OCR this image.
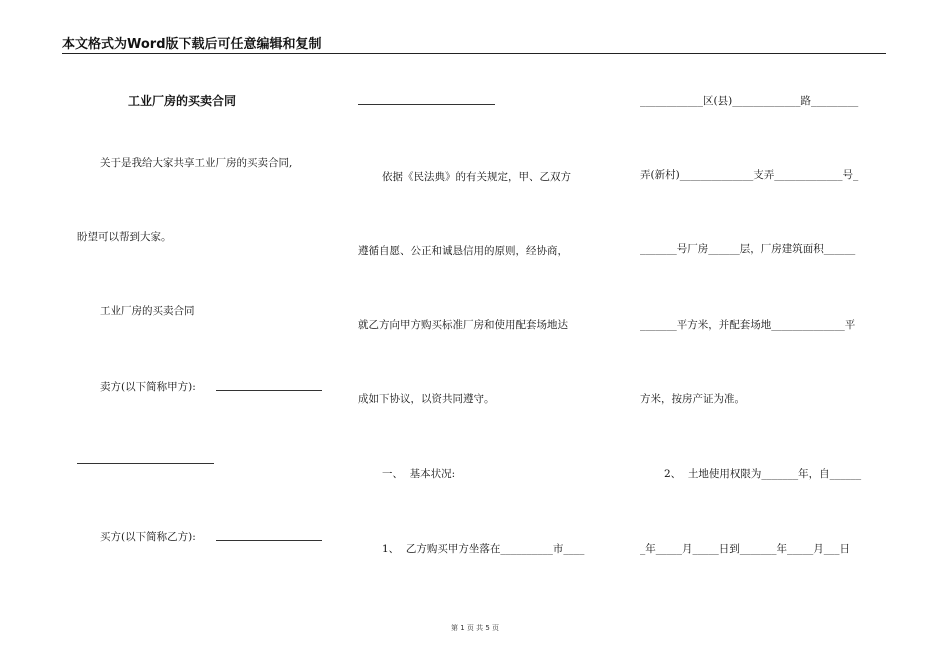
本文格式为Word版下载后可任意编辑和复制
工业厂房的买卖合同
关于是我给大家共享工业厂房的买卖合同,
盼望可以帮到大家。
工业厂房的买卖合同
卖方(以下简称甲方):
买方(以下简称乙方):
依据《民法典》的有关规定，甲、乙双方
遵循自愿、公正和诚恳信用的原则，经协商，
就乙方向甲方购买标准厂房和使用配套场地达
成如下协议，以资共同遵守。
一、  基本状况:
1、  乙方购买甲方坐落在__________市____
____________区(县)_____________路_________
弄(新村)______________支弄_____________号_
_______号厂房______层，厂房建筑面积______
_______平方米，并配套场地______________平
方米，按房产证为准。
2、  土地使用权限为_______年，自______
_年_____月_____日到_______年_____月___日
第 1 页 共 5 页
